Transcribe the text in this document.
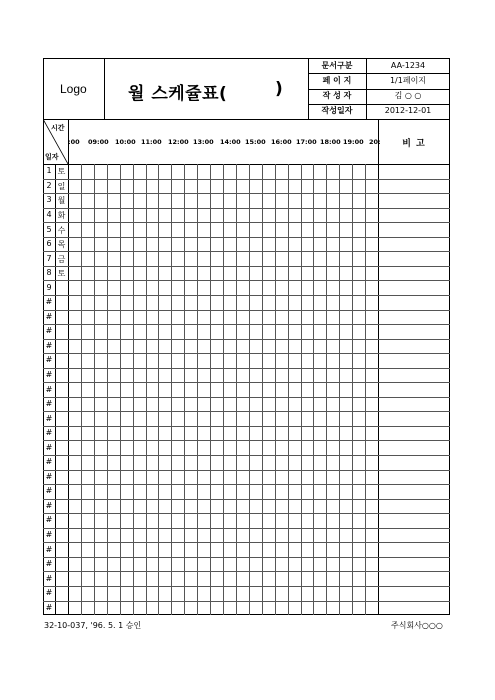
Logo 월 스케쥴표(	)
문서구분	AA-1234
페 이 지	1/1페이지
작 성 자	김 ○ ○
작성일자	2012-12-01
시간
일자
:00 09:00 10:00 11:00 12:00 13:00 14:00 15:00 16:00 17:00 18:00 19:00 20:	비 고
1 토
2 일
3 월
4 화
5 수
6 목
7 금
8 토
9
#
#
#
#
#
#
#
#
#
#
#
#
#
#
#
#
#
#
#
#
#
#
32-10-037, '96. 5. 1 승인	주식회사○○○
